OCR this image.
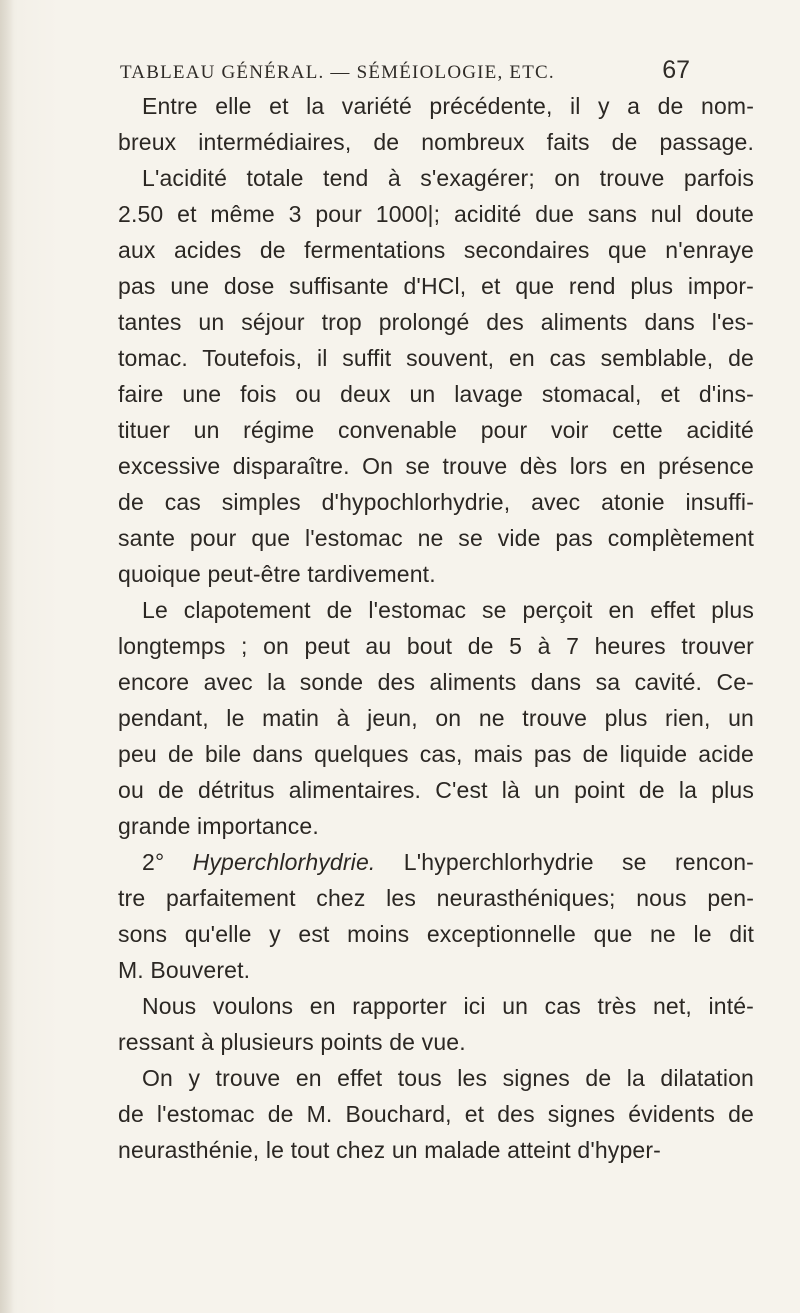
TABLEAU GÉNÉRAL. — SÉMÉIOLOGIE, ETC.	67

Entre elle et la variété précédente, il y a de nom-
breux intermédiaires, de nombreux faits de passage.
L'acidité totale tend à s'exagérer; on trouve parfois
2.50 et même 3 pour 1000|; acidité due sans nul doute
aux acides de fermentations secondaires que n'enraye
pas une dose suffisante d'HCl, et que rend plus impor-
tantes un séjour trop prolongé des aliments dans l'es-
tomac. Toutefois, il suffit souvent, en cas semblable, de
faire une fois ou deux un lavage stomacal, et d'ins-
tituer un régime convenable pour voir cette acidité
excessive disparaître. On se trouve dès lors en présence
de cas simples d'hypochlorhydrie, avec atonie insuffi-
sante pour que l'estomac ne se vide pas complètement
quoique peut-être tardivement.

Le clapotement de l'estomac se perçoit en effet plus
longtemps ; on peut au bout de 5 à 7 heures trouver
encore avec la sonde des aliments dans sa cavité. Ce-
pendant, le matin à jeun, on ne trouve plus rien, un
peu de bile dans quelques cas, mais pas de liquide acide
ou de détritus alimentaires. C'est là un point de la plus
grande importance.

2° Hyperchlorhydrie. L'hyperchlorhydrie se rencon-
tre parfaitement chez les neurasthéniques; nous pen-
sons qu'elle y est moins exceptionnelle que ne le dit
M. Bouveret.

Nous voulons en rapporter ici un cas très net, inté-
ressant à plusieurs points de vue.

On y trouve en effet tous les signes de la dilatation
de l'estomac de M. Bouchard, et des signes évidents de
neurasthénie, le tout chez un malade atteint d'hyper-
